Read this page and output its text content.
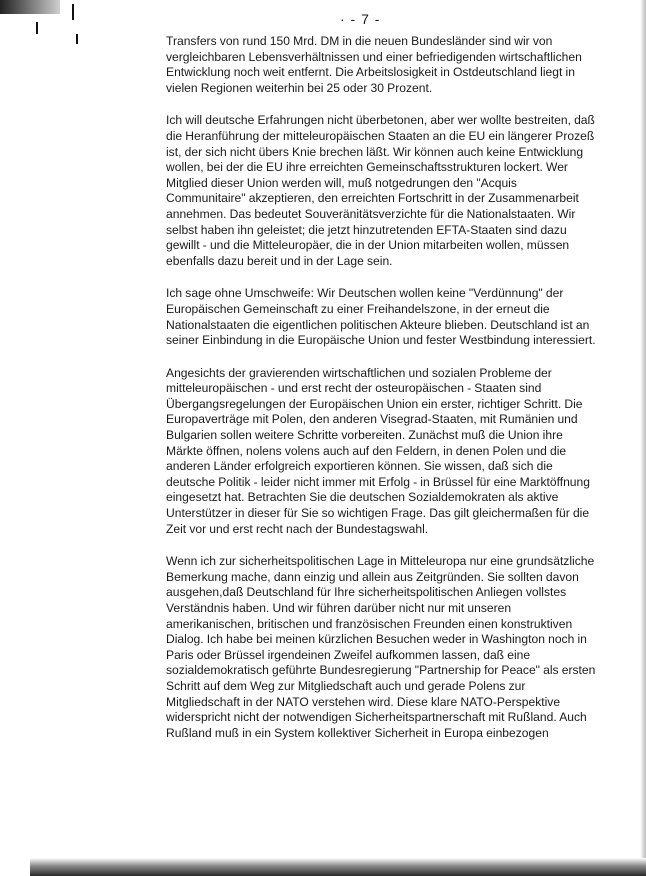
· - 7 -

Transfers von rund 150 Mrd. DM in die neuen Bundesländer sind wir von vergleichbaren Lebensverhältnissen und einer befriedigenden wirtschaftlichen Entwicklung noch weit entfernt. Die Arbeitslosigkeit in Ostdeutschland liegt in vielen Regionen weiterhin bei 25 oder 30 Prozent.

Ich will deutsche Erfahrungen nicht überbetonen, aber wer wollte bestreiten, daß die Heranführung der mitteleuropäischen Staaten an die EU ein längerer Prozeß ist, der sich nicht übers Knie brechen läßt. Wir können auch keine Entwicklung wollen, bei der die EU ihre erreichten Gemeinschaftsstrukturen lockert. Wer Mitglied dieser Union werden will, muß notgedrungen den "Acquis Communitaire" akzeptieren, den erreichten Fortschritt in der Zusammenarbeit annehmen. Das bedeutet Souveränitätsverzichte für die Nationalstaaten. Wir selbst haben ihn geleistet; die jetzt hinzutretenden EFTA-Staaten sind dazu gewillt - und die Mitteleuropäer, die in der Union mitarbeiten wollen, müssen ebenfalls dazu bereit und in der Lage sein.

Ich sage ohne Umschweife: Wir Deutschen wollen keine "Verdünnung" der Europäischen Gemeinschaft zu einer Freihandelszone, in der erneut die Nationalstaaten die eigentlichen politischen Akteure blieben. Deutschland ist an seiner Einbindung in die Europäische Union und fester Westbindung interessiert.

Angesichts der gravierenden wirtschaftlichen und sozialen Probleme der mitteleuropäischen - und erst recht der osteuropäischen - Staaten sind Übergangsregelungen der Europäischen Union ein erster, richtiger Schritt. Die Europaverträge mit Polen, den anderen Visegrad-Staaten, mit Rumänien und Bulgarien sollen weitere Schritte vorbereiten. Zunächst muß die Union ihre Märkte öffnen, nolens volens auch auf den Feldern, in denen Polen und die anderen Länder erfolgreich exportieren können. Sie wissen, daß sich die deutsche Politik - leider nicht immer mit Erfolg - in Brüssel für eine Marktöffnung eingesetzt hat. Betrachten Sie die deutschen Sozialdemokraten als aktive Unterstützer in dieser für Sie so wichtigen Frage. Das gilt gleichermaßen für die Zeit vor und erst recht nach der Bundestagswahl.

Wenn ich zur sicherheitspolitischen Lage in Mitteleuropa nur eine grundsätzliche Bemerkung mache, dann einzig und allein aus Zeitgründen. Sie sollten davon ausgehen,daß Deutschland für Ihre sicherheitspolitischen Anliegen vollstes Verständnis haben. Und wir führen darüber nicht nur mit unseren amerikanischen, britischen und französischen Freunden einen konstruktiven Dialog. Ich habe bei meinen kürzlichen Besuchen weder in Washington noch in Paris oder Brüssel irgendeinen Zweifel aufkommen lassen, daß eine sozialdemokratisch geführte Bundesregierung "Partnership for Peace" als ersten Schritt auf dem Weg zur Mitgliedschaft auch und gerade Polens zur Mitgliedschaft in der NATO verstehen wird. Diese klare NATO-Perspektive widerspricht nicht der notwendigen Sicherheitspartnerschaft mit Rußland. Auch Rußland muß in ein System kollektiver Sicherheit in Europa einbezogen
